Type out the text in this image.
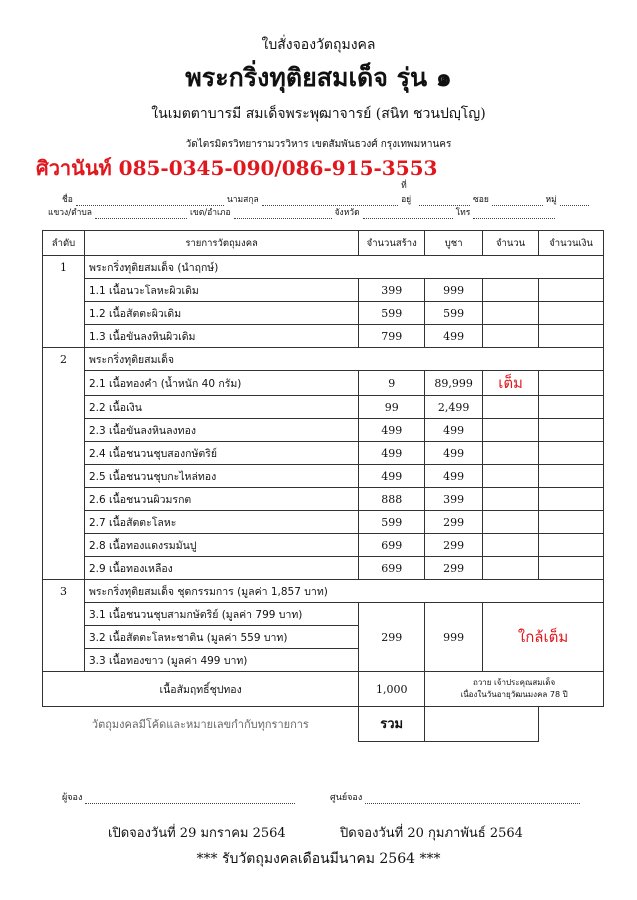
ใบสั่งจองวัตถุมงคล
พระกริ่งทุติยสมเด็จ รุ่น ๑
ในเมตตาบารมี สมเด็จพระพุฒาจารย์ (สนิท ชวนปญฺโญ)
วัดไตรมิตรวิทยารามวรวิหาร เขตสัมพันธวงศ์ กรุงเทพมหานคร
ศิวานันท์ 085-0345-090/086-915-3553
ชื่อ	นามสกุล
ที่อยู่	ซอย	หมู่
แขวง/ตำบล	เขต/อำเภอ	จังหวัด	โทร
ลำดับ	รายการวัตถุมงคล	จำนวนสร้าง	บูชา	จำนวน	จำนวนเงิน
1	พระกริ่งทุติยสมเด็จ (นำฤกษ์)				
	1.1 เนื้อนวะโลหะผิวเดิม	399	999		
	1.2 เนื้อสัตตะผิวเดิม	599	599		
	1.3 เนื้อขันลงหินผิวเดิม	799	499		
2	พระกริ่งทุติยสมเด็จ				
	2.1 เนื้อทองคำ (น้ำหนัก 40 กรัม)	9	89,999	เต็ม	
	2.2 เนื้อเงิน	99	2,499		
	2.3 เนื้อขันลงหินลงทอง	499	499		
	2.4 เนื้อชนวนชุบสองกษัตริย์	499	499		
	2.5 เนื้อชนวนชุบกะไหล่ทอง	499	499		
	2.6 เนื้อชนวนผิวมรกต	888	399		
	2.7 เนื้อสัตตะโลหะ	599	299		
	2.8 เนื้อทองแดงรมมันปู	699	299		
	2.9 เนื้อทองเหลือง	699	299		
3	พระกริ่งทุติยสมเด็จ ชุดกรรมการ (มูลค่า 1,857 บาท)				
	3.1 เนื้อชนวนชุบสามกษัตริย์ (มูลค่า 799 บาท)	299	999	ใกล้เต็ม	
	3.2 เนื้อสัตตะโลหะชาติน (มูลค่า 559 บาท)				
	3.3 เนื้อทองขาว (มูลค่า 499 บาท)				
เนื้อสัมฤทธิ์ชุปทอง		1,000	ถวาย เจ้าประคุณสมเด็จ
เนื่องในวันอายุวัฒนมงคล 78 ปี		

วัตถุมงคลมีโค้ดและหมายเลขกำกับทุกรายการ		รวม			
ผู้จอง	ศูนย์จอง
เปิดจองวันที่ 29 มกราคม 2564	ปิดจองวันที่ 20 กุมภาพันธ์ 2564
*** รับวัตถุมงคลเดือนมีนาคม 2564 ***
